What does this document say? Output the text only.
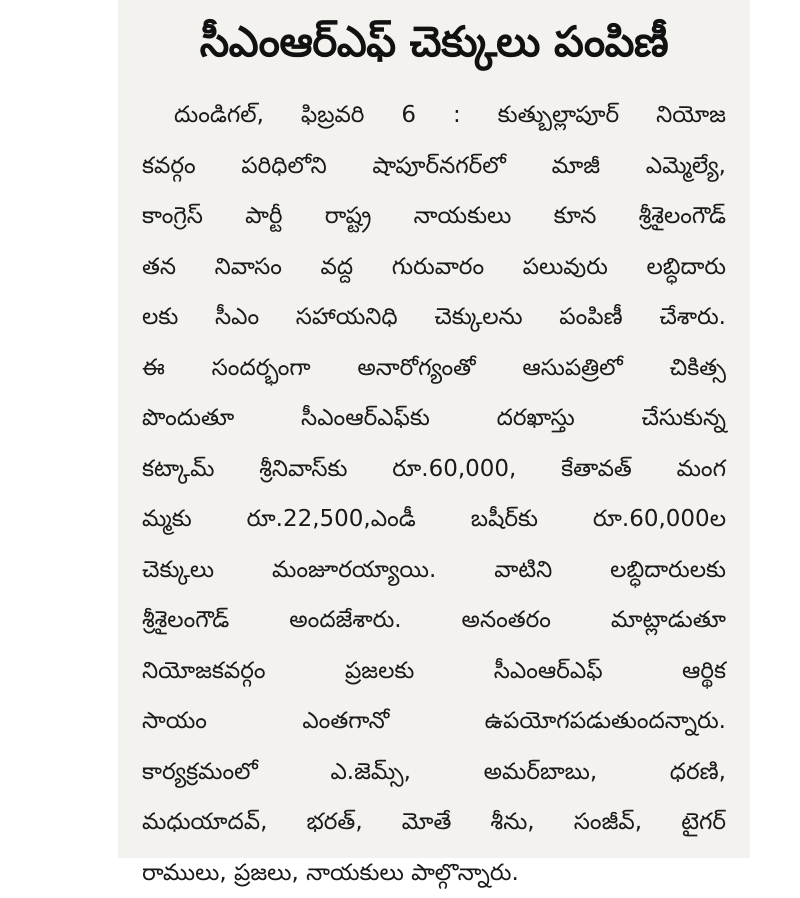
సీఎంఆర్ఎఫ్ చెక్కులు పంపిణీ
దుండిగల్, ఫిబ్రవరి 6 : కుత్బుల్లాపూర్ నియోజ
కవర్గం పరిధిలోని షాపూర్‌నగర్‌లో మాజీ ఎమ్మెల్యే,
కాంగ్రెస్ పార్టీ రాష్ట్ర నాయకులు కూన శ్రీశైలంగౌడ్
తన నివాసం వద్ద గురువారం పలువురు లబ్ధిదారు
లకు సీఎం సహాయనిధి చెక్కులను పంపిణీ చేశారు.
ఈ సందర్భంగా అనారోగ్యంతో ఆసుపత్రిలో చికిత్స
పొందుతూ సీఎంఆర్ఎఫ్‌కు దరఖాస్తు చేసుకున్న
కట్కామ్ శ్రీనివాస్‌కు రూ.60,000, కేతావత్ మంగ
మ్మకు రూ.22,500,ఎండీ బషీర్‌కు రూ.60,000ల
చెక్కులు మంజూరయ్యాయి. వాటిని లబ్ధిదారులకు
శ్రీశైలంగౌడ్ అందజేశారు. అనంతరం మాట్లాడుతూ
నియోజకవర్గం ప్రజలకు సీఎంఆర్ఎఫ్ ఆర్థిక
సాయం ఎంతగానో ఉపయోగపడుతుందన్నారు.
కార్యక్రమంలో ఎ.జెమ్స్, అమర్‌బాబు, ధరణి,
మధుయాదవ్, భరత్, మోతే శీను, సంజీవ్, టైగర్
రాములు, ప్రజలు, నాయకులు పాల్గొన్నారు.
